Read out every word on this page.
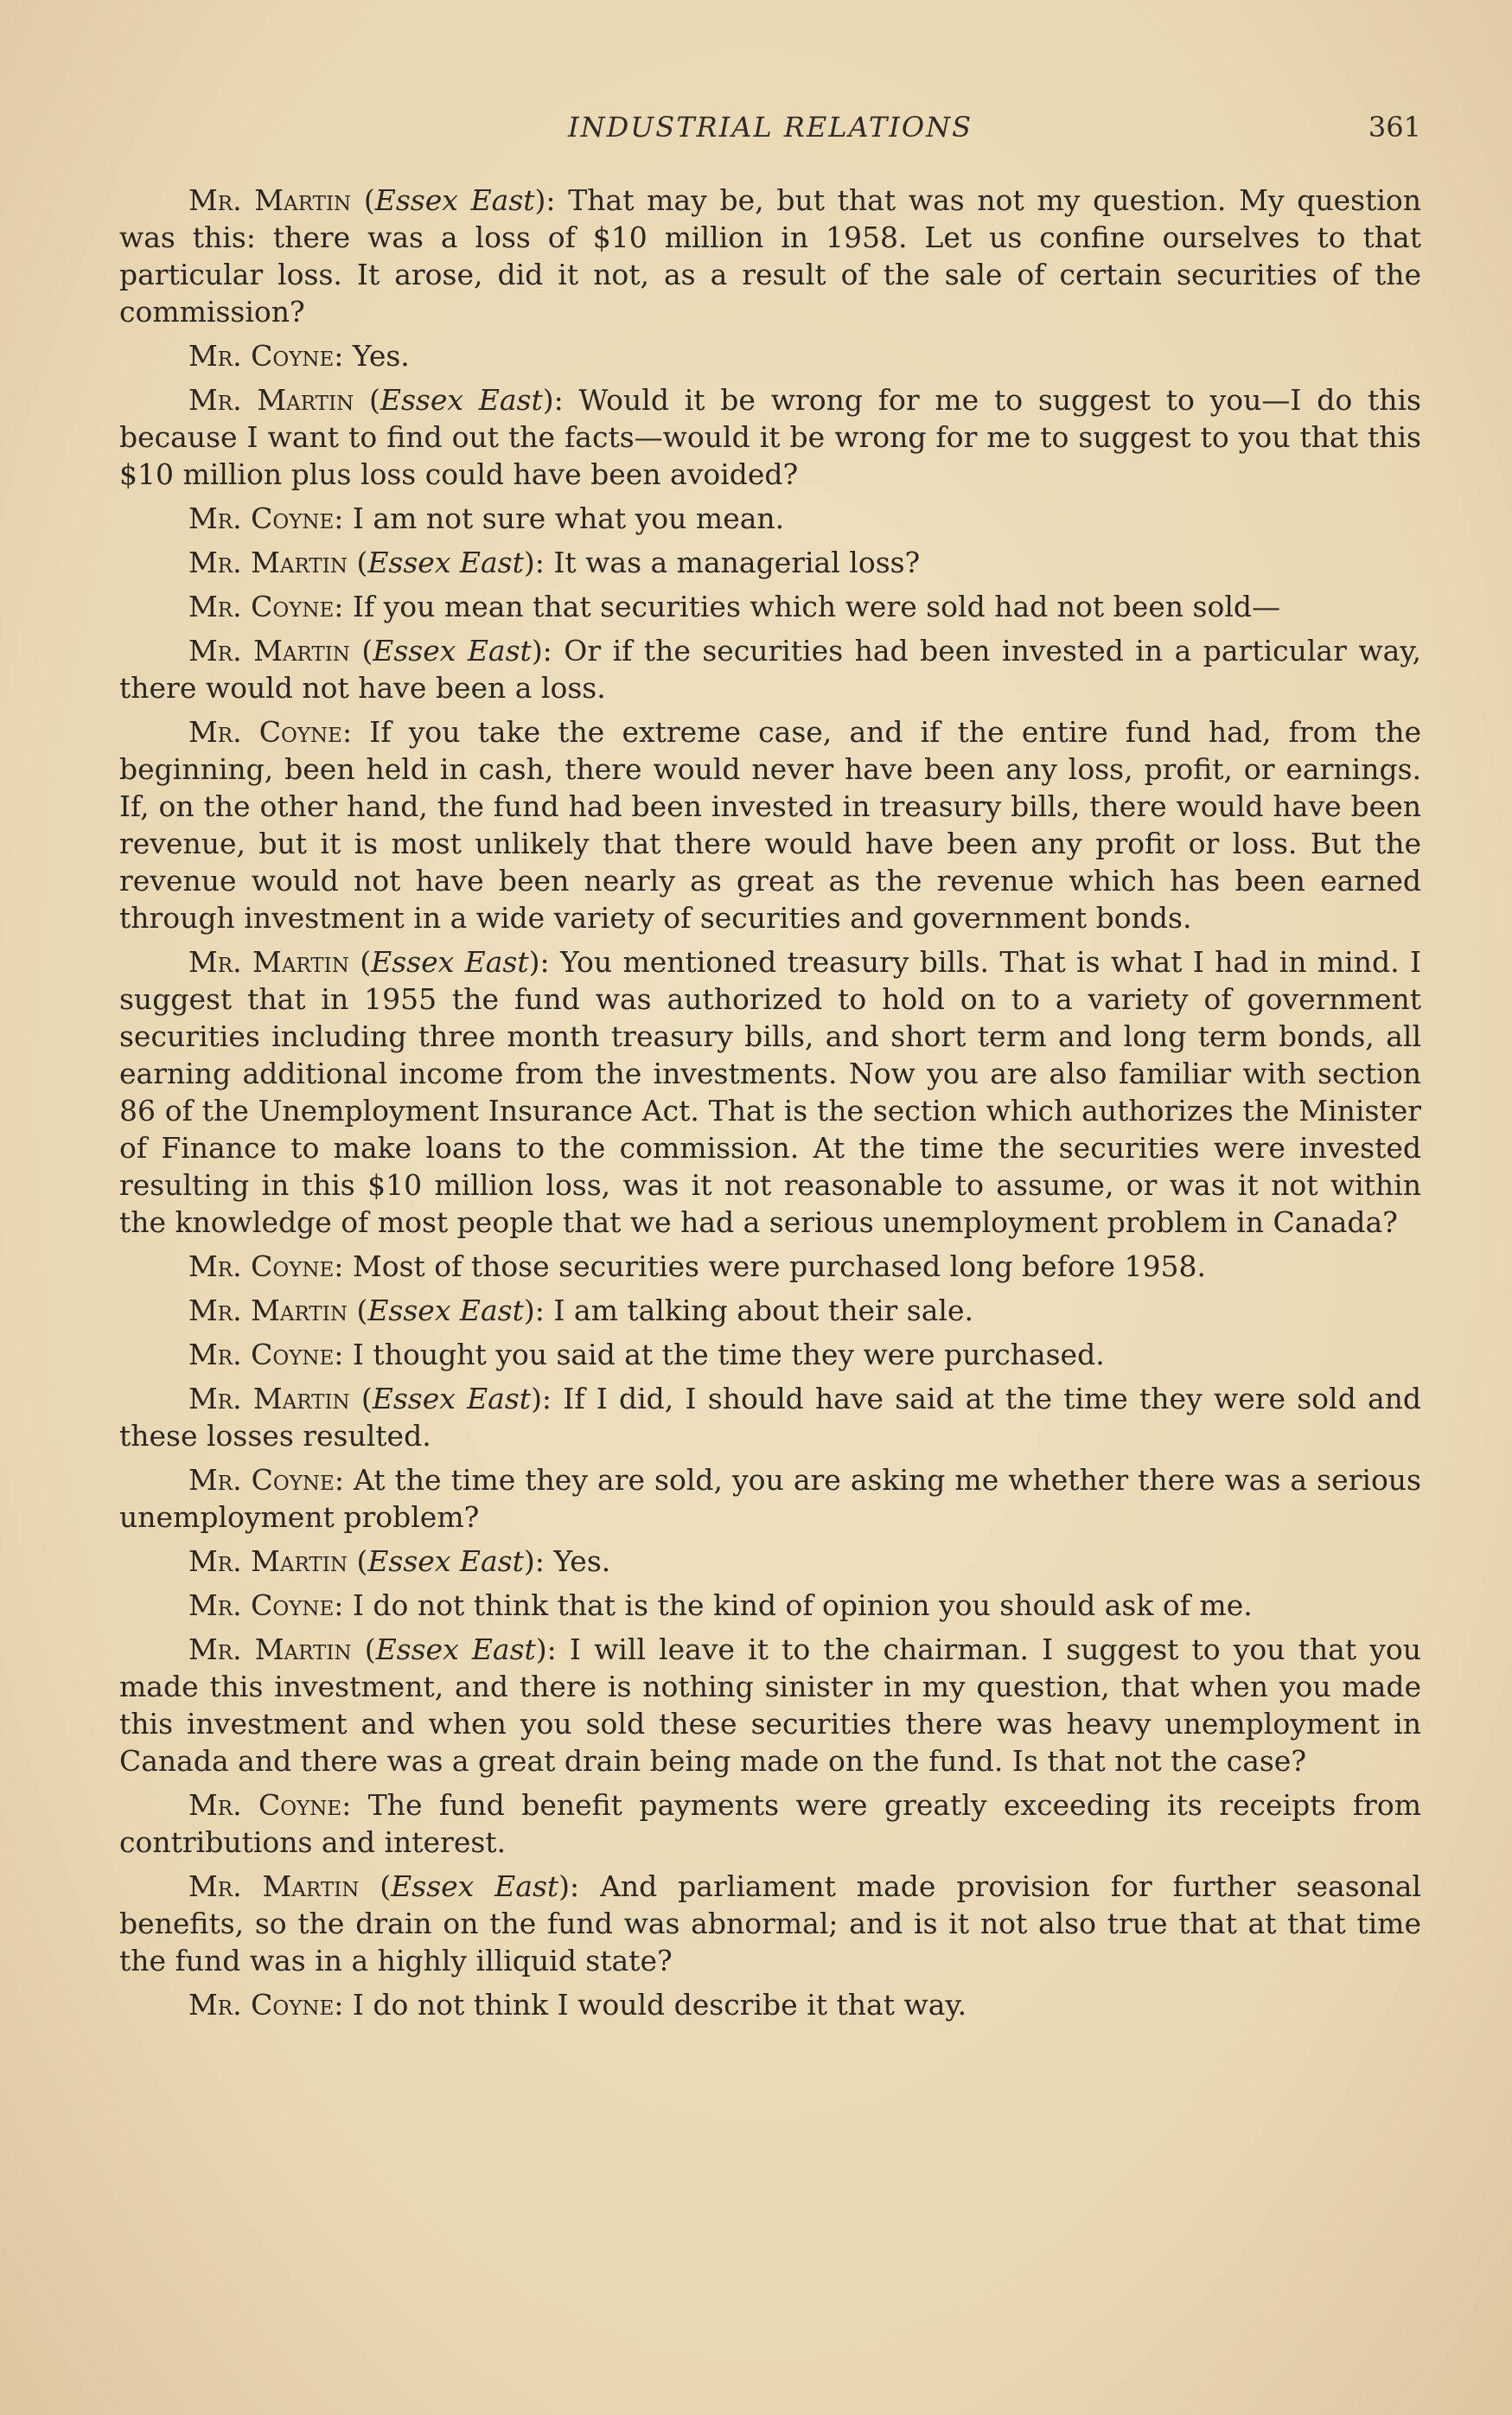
INDUSTRIAL RELATIONS	361

Mr. Martin (Essex East): That may be, but that was not my question. My question was this: there was a loss of $10 million in 1958. Let us confine ourselves to that particular loss. It arose, did it not, as a result of the sale of certain securities of the commission?

Mr. Coyne: Yes.

Mr. Martin (Essex East): Would it be wrong for me to suggest to you—I do this because I want to find out the facts—would it be wrong for me to suggest to you that this $10 million plus loss could have been avoided?

Mr. Coyne: I am not sure what you mean.

Mr. Martin (Essex East): It was a managerial loss?

Mr. Coyne: If you mean that securities which were sold had not been sold—

Mr. Martin (Essex East): Or if the securities had been invested in a particular way, there would not have been a loss.

Mr. Coyne: If you take the extreme case, and if the entire fund had, from the beginning, been held in cash, there would never have been any loss, profit, or earnings. If, on the other hand, the fund had been invested in treasury bills, there would have been revenue, but it is most unlikely that there would have been any profit or loss. But the revenue would not have been nearly as great as the revenue which has been earned through investment in a wide variety of securities and government bonds.

Mr. Martin (Essex East): You mentioned treasury bills. That is what I had in mind. I suggest that in 1955 the fund was authorized to hold on to a variety of government securities including three month treasury bills, and short term and long term bonds, all earning additional income from the investments. Now you are also familiar with section 86 of the Unemployment Insurance Act. That is the section which authorizes the Minister of Finance to make loans to the commission. At the time the securities were invested resulting in this $10 million loss, was it not reasonable to assume, or was it not within the knowledge of most people that we had a serious unemployment problem in Canada?

Mr. Coyne: Most of those securities were purchased long before 1958.

Mr. Martin (Essex East): I am talking about their sale.

Mr. Coyne: I thought you said at the time they were purchased.

Mr. Martin (Essex East): If I did, I should have said at the time they were sold and these losses resulted.

Mr. Coyne: At the time they are sold, you are asking me whether there was a serious unemployment problem?

Mr. Martin (Essex East): Yes.

Mr. Coyne: I do not think that is the kind of opinion you should ask of me.

Mr. Martin (Essex East): I will leave it to the chairman. I suggest to you that you made this investment, and there is nothing sinister in my question, that when you made this investment and when you sold these securities there was heavy unemployment in Canada and there was a great drain being made on the fund. Is that not the case?

Mr. Coyne: The fund benefit payments were greatly exceeding its receipts from contributions and interest.

Mr. Martin (Essex East): And parliament made provision for further seasonal benefits, so the drain on the fund was abnormal; and is it not also true that at that time the fund was in a highly illiquid state?

Mr. Coyne: I do not think I would describe it that way.
